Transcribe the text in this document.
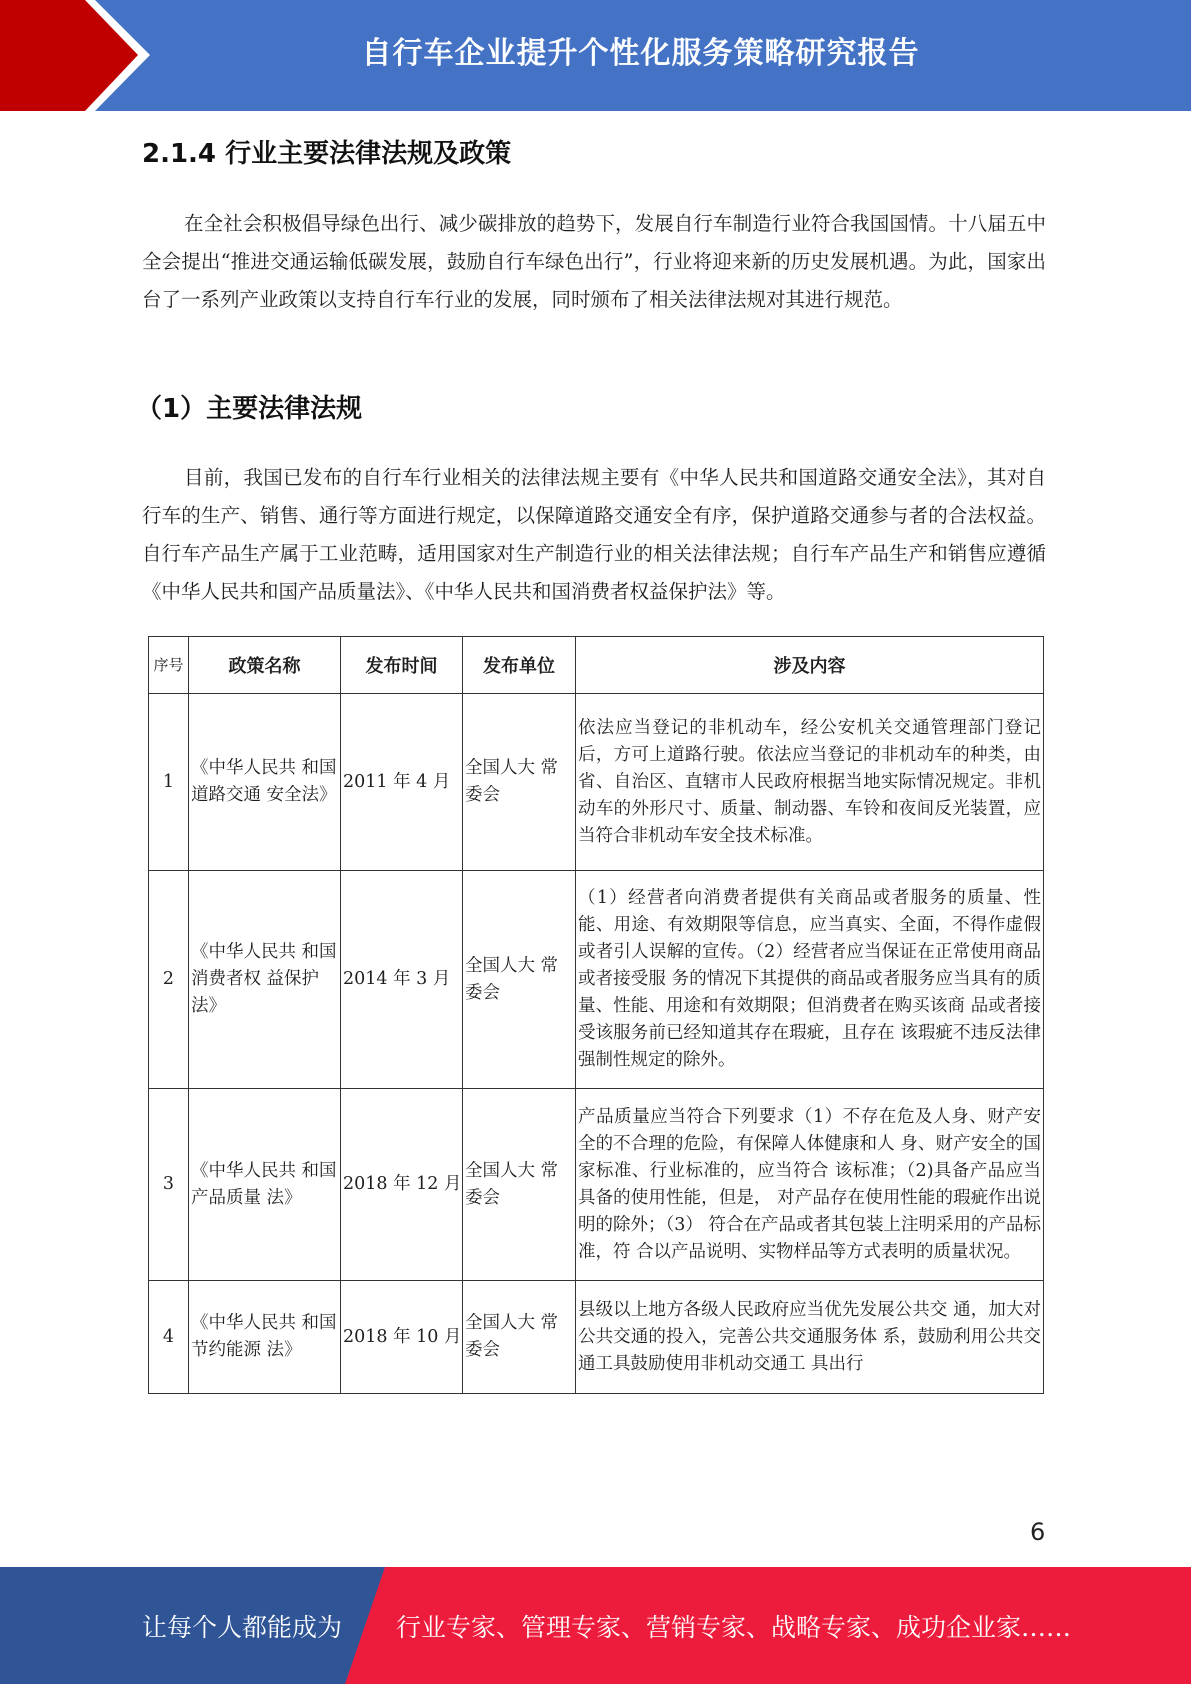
自行车企业提升个性化服务策略研究报告
2.1.4 行业主要法律法规及政策
在全社会积极倡导绿色出行、减少碳排放的趋势下，发展自行车制造行业符合我国国情。十八届五中全会提出“推进交通运输低碳发展，鼓励自行车绿色出行”，行业将迎来新的历史发展机遇。为此，国家出台了一系列产业政策以支持自行车行业的发展，同时颁布了相关法律法规对其进行规范。
（1）主要法律法规
目前，我国已发布的自行车行业相关的法律法规主要有《中华人民共和国道路交通安全法》，其对自行车的生产、销售、通行等方面进行规定，以保障道路交通安全有序，保护道路交通参与者的合法权益。自行车产品生产属于工业范畴，适用国家对生产制造行业的相关法律法规；自行车产品生产和销售应遵循《中华人民共和国产品质量法》、《中华人民共和国消费者权益保护法》等。
序号	政策名称	发布时间	发布单位	涉及内容
1	《中华人民共 和国道路交通 安全法》	2011 年 4 月	全国人大 常委会	依法应当登记的非机动车，经公安机关交通管理部门登记后，方可上道路行驶。依法应当登记的非机动车的种类，由省、自治区、直辖市人民政府根据当地实际情况规定。非机动车的外形尺寸、质量、制动器、车铃和夜间反光装置，应当符合非机动车安全技术标准。
2	《中华人民共 和国消费者权 益保护法》	2014 年 3 月	全国人大 常委会	（1）经营者向消费者提供有关商品或者服务的质量、性能、用途、有效期限等信息，应当真实、全面，不得作虚假或者引人误解的宣传。（2）经营者应当保证在正常使用商品或者接受服 务的情况下其提供的商品或者服务应当具有的质 量、性能、用途和有效期限；但消费者在购买该商 品或者接受该服务前已经知道其存在瑕疵，且存在 该瑕疵不违反法律强制性规定的除外。
3	《中华人民共 和国产品质量 法》	2018 年 12 月	全国人大 常委会	产品质量应当符合下列要求（1）不存在危及人身、财产安全的不合理的危险，有保障人体健康和人 身、财产安全的国家标准、行业标准的，应当符合 该标准；（2)具备产品应当具备的使用性能，但是， 对产品存在使用性能的瑕疵作出说明的除外；（3） 符合在产品或者其包装上注明采用的产品标准，符 合以产品说明、实物样品等方式表明的质量状况。
4	《中华人民共 和国节约能源 法》	2018 年 10 月	全国人大 常委会	县级以上地方各级人民政府应当优先发展公共交 通，加大对公共交通的投入，完善公共交通服务体 系，鼓励利用公共交通工具鼓励使用非机动交通工 具出行
6
让每个人都能成为 行业专家、管理专家、营销专家、战略专家、成功企业家……
